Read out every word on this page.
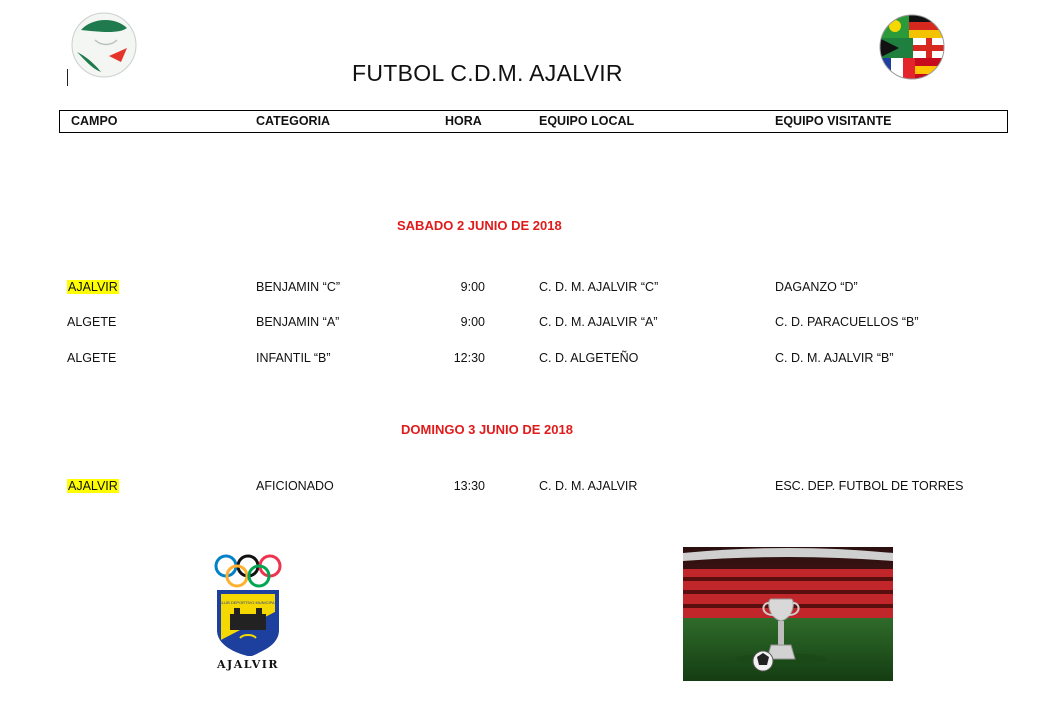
FUTBOL C.D.M. AJALVIR
CAMPO	CATEGORIA	HORA	EQUIPO LOCAL	EQUIPO VISITANTE
SABADO 2 JUNIO DE 2018
AJALVIR	BENJAMIN “C”	9:00	C. D. M. AJALVIR “C”	DAGANZO “D”
ALGETE	BENJAMIN “A”	9:00	C. D. M. AJALVIR “A”	C. D. PARACUELLOS “B”
ALGETE	INFANTIL “B”	12:30	C. D. ALGETEÑO	C. D. M. AJALVIR “B”
DOMINGO 3 JUNIO DE 2018
AJALVIR	AFICIONADO	13:30	C. D. M. AJALVIR	ESC. DEP. FUTBOL DE TORRES
CLUB DEPORTIVO MUNICIPAL
AJALVIR
